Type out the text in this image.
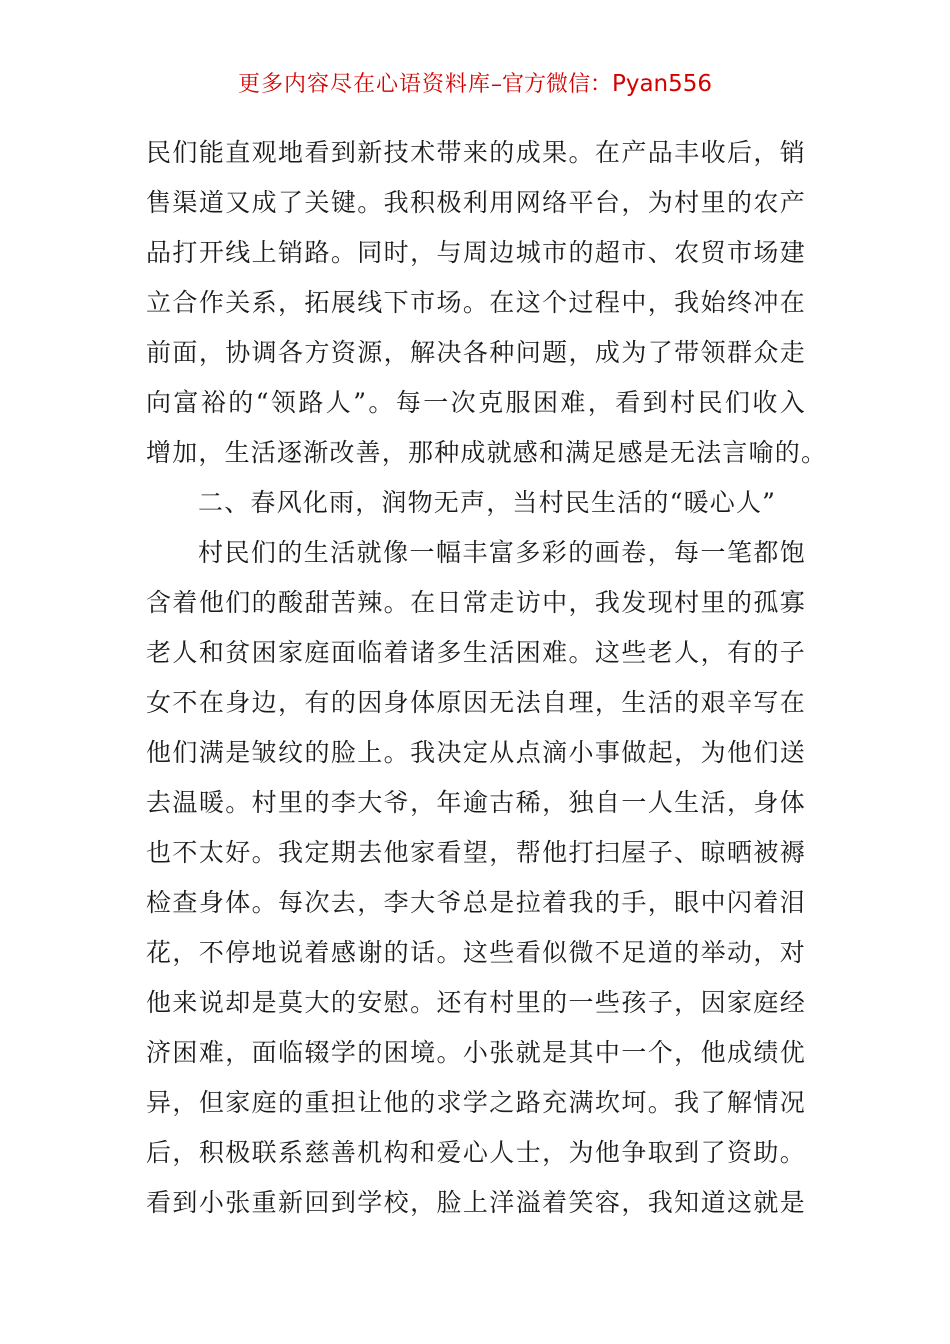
更多内容尽在心语资料库–官方微信：Pyan556
民们能直观地看到新技术带来的成果。在产品丰收后，销
售渠道又成了关键。我积极利用网络平台，为村里的农产
品打开线上销路。同时，与周边城市的超市、农贸市场建
立合作关系，拓展线下市场。在这个过程中，我始终冲在
前面，协调各方资源，解决各种问题，成为了带领群众走
向富裕的“领路人”。每一次克服困难，看到村民们收入
增加，生活逐渐改善，那种成就感和满足感是无法言喻的。
二、春风化雨，润物无声，当村民生活的“暖心人”
村民们的生活就像一幅丰富多彩的画卷，每一笔都饱
含着他们的酸甜苦辣。在日常走访中，我发现村里的孤寡
老人和贫困家庭面临着诸多生活困难。这些老人，有的子
女不在身边，有的因身体原因无法自理，生活的艰辛写在
他们满是皱纹的脸上。我决定从点滴小事做起，为他们送
去温暖。村里的李大爷，年逾古稀，独自一人生活，身体
也不太好。我定期去他家看望，帮他打扫屋子、晾晒被褥
检查身体。每次去，李大爷总是拉着我的手，眼中闪着泪
花，不停地说着感谢的话。这些看似微不足道的举动，对
他来说却是莫大的安慰。还有村里的一些孩子，因家庭经
济困难，面临辍学的困境。小张就是其中一个，他成绩优
异，但家庭的重担让他的求学之路充满坎坷。我了解情况
后，积极联系慈善机构和爱心人士，为他争取到了资助。
看到小张重新回到学校，脸上洋溢着笑容，我知道这就是
